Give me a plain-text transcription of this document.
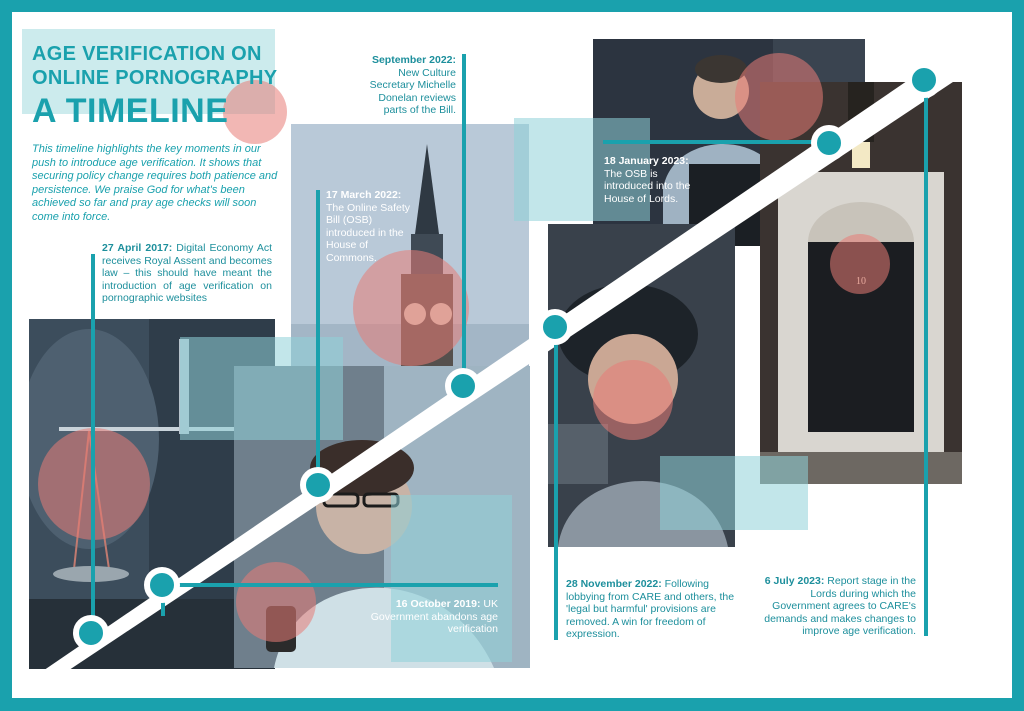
AGE VERIFICATION ON
ONLINE PORNOGRAPHY
A TIMELINE
This timeline highlights the key moments in our push to introduce age verification. It shows that securing policy change requires both patience and persistence. We praise God for what's been achieved so far and pray age checks will soon come into force.
27 April 2017: Digital Economy Act receives Royal Assent and becomes law – this should have meant the introduction of age verification on pornographic websites
17 March 2022: The Online Safety Bill (OSB) introduced in the House of Commons.
September 2022: New Culture Secretary Michelle Donelan reviews parts of the Bill.
16 October 2019: UK Government abandons age verification
28 November 2022: Following lobbying from CARE and others, the 'legal but harmful' provisions are removed. A win for freedom of expression.
18 January 2023: The OSB is introduced into the House of Lords.
6 July 2023: Report stage in the Lords during which the Government agrees to CARE's demands and makes changes to improve age verification.
